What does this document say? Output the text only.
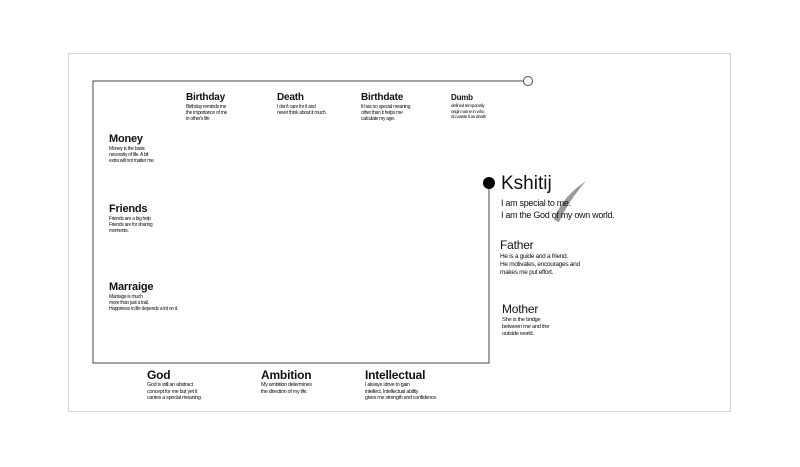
Birthday
Birthday reminds me
the importance of me
in other's life
Death
I don't care for it and
never think about it much.
Birthdate
It has no special meaning
other than it helps me
calculate my age.
Dumb
defined temporarily
origin name in who
do waste it as death
Money
Money is the basic
necessity of life. A bit
extra will not matter me.
Friends
Friends are a big help
Friends are for sharing
moments.
Marraige
Marriage is much
more than just a trail.
Happiness in life depends a lot on it.
God
God is still an abstract
concept for me but yet it
carries a special meaning.
Ambition
My ambition determines
the direction of my life.
Intellectual
I always strive to gain
intellect. Intellectual ability
gives me strength and confidence.
Kshitij
I am special to me.
I am the God of my own world.
Father
He is a guide and a friend.
He motivates, encourages and
makes me put effort.
Mother
She is the bridge
between me and the
outside world.
